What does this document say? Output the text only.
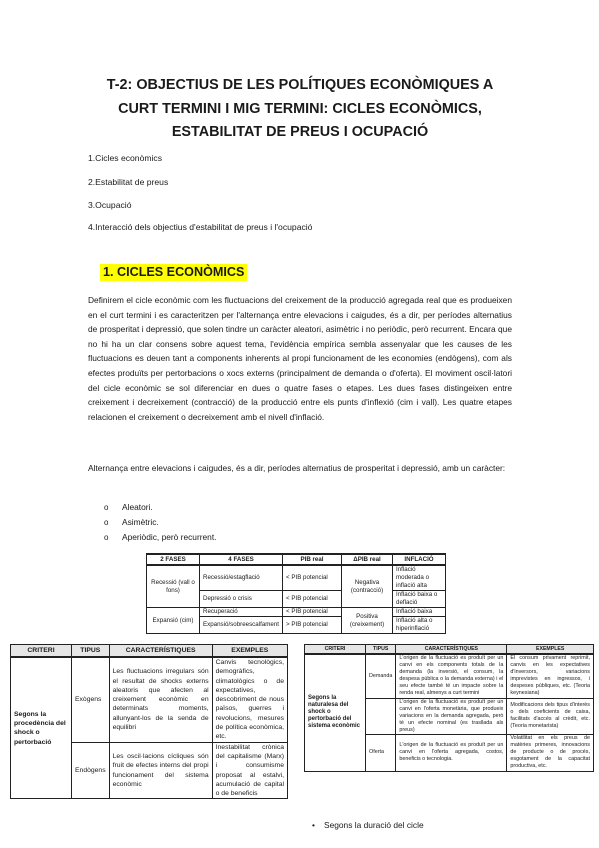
T-2: OBJECTIUS DE LES POLÍTIQUES ECONÒMIQUES A
CURT TERMINI I MIG TERMINI: CICLES ECONÒMICS,
ESTABILITAT DE PREUS I OCUPACIÓ
1.Cicles econòmics
2.Estabilitat de preus
3.Ocupació
4.Interacció dels objectius d'estabilitat de preus i l'ocupació
1. CICLES ECONÒMICS
Definirem el cicle econòmic com les fluctuacions del creixement de la producció agregada real que es produeixen en el curt termini i es caracteritzen per l'alternança entre elevacions i caigudes, és a dir, per períodes alternatius de prosperitat i depressió, que solen tindre un caràcter aleatori, asimètric i no periòdic, però recurrent. Encara que no hi ha un clar consens sobre aquest tema, l'evidència empírica sembla assenyalar que les causes de les fluctuacions es deuen tant a components inherents al propi funcionament de les economies (endògens), com als efectes produïts per pertorbacions o xocs externs (principalment de demanda o d'oferta). El moviment oscil·latori del cicle econòmic se sol diferenciar en dues o quatre fases o etapes. Les dues fases distingeixen entre creixement i decreixement (contracció) de la producció entre els punts d'inflexió (cim i vall). Les quatre etapes relacionen el creixement o decreixement amb el nivell d'inflació.
Alternança entre elevacions i caigudes, és a dir, períodes alternatius de prosperitat i depressió, amb un caràcter:
o Aleatori.
o Asimètric.
o Aperiòdic, però recurrent.
2 FASES	4 FASES	PIB real	ΔPIB real	INFLACIÓ
Recessió (vall o fons)	Recessió/estagflació	< PIB potencial	Negativa (contracció)	Inflació moderada o inflació alta
	Depressió o crisis	< PIB potencial		Inflació baixa o deflació
Expansió (cim)	Recuperació	< PIB potencial	Positiva (creixement)	Inflació baixa
	Expansió/sobreescalfament	> PIB potencial		Inflació alta o hiperinflació
CRITERI	TIPUS	CARACTERÍSTIQUES	EXEMPLES
Segons la procedència del shock o pertorbació	Exògens	Les fluctuacions irregulars són el resultat de shocks externs aleatoris que afecten al creixement econòmic en determinats moments, allunyant-los de la senda de equilibri	Canvis tecnològics, demogràfics, climatològics o de expectatives, descobriment de nous països, guerres i revolucions, mesures de política econòmica, etc.
	Endògens	Les oscil·lacions cícliques són fruit de efectes interns del propi funcionament del sistema econòmic	Inestabilitat crònica del capitalisme (Marx) i consumisme proposat al estalvi, acumulació de capital o de beneficis
CRITERI	TIPUS	CARACTERÍSTIQUES	EXEMPLES
Segons la naturalesa del shock o pertorbació del sistema econòmic	Demanda	L'origen de la fluctuació es produït per un canvi en els components totals de la demanda (la inversió, el consum, la despesa pública o la demanda externa) i el seu efecte també té un impacte sobre la renda real, almenys a curt termini	El consum privament reprimit, canvis en les expectatives d'inversors, variacions imprevistes en ingressos, i despeses públiques, etc. (Teoria keynesiana)
		L'origen de la fluctuació es produït per un canvi en l'oferta monetària, que produeix variacions en la demanda agregada, però té un efecte nominal (es trasllada als preus)	Modificacions dels tipus d'interès o dels coeficients de caixa, facilitats d'accés al crèdit, etc. (Teoria monetarista)
	Oferta	L'origen de la fluctuació es produït per un canvi en l'oferta agregada, costos, beneficis o tecnologia.	Volatilitat en els preus de matèries primeres, innovacions de producte o de procés, esgotament de la capacitat productiva, etc.
• Segons la duració del cicle
